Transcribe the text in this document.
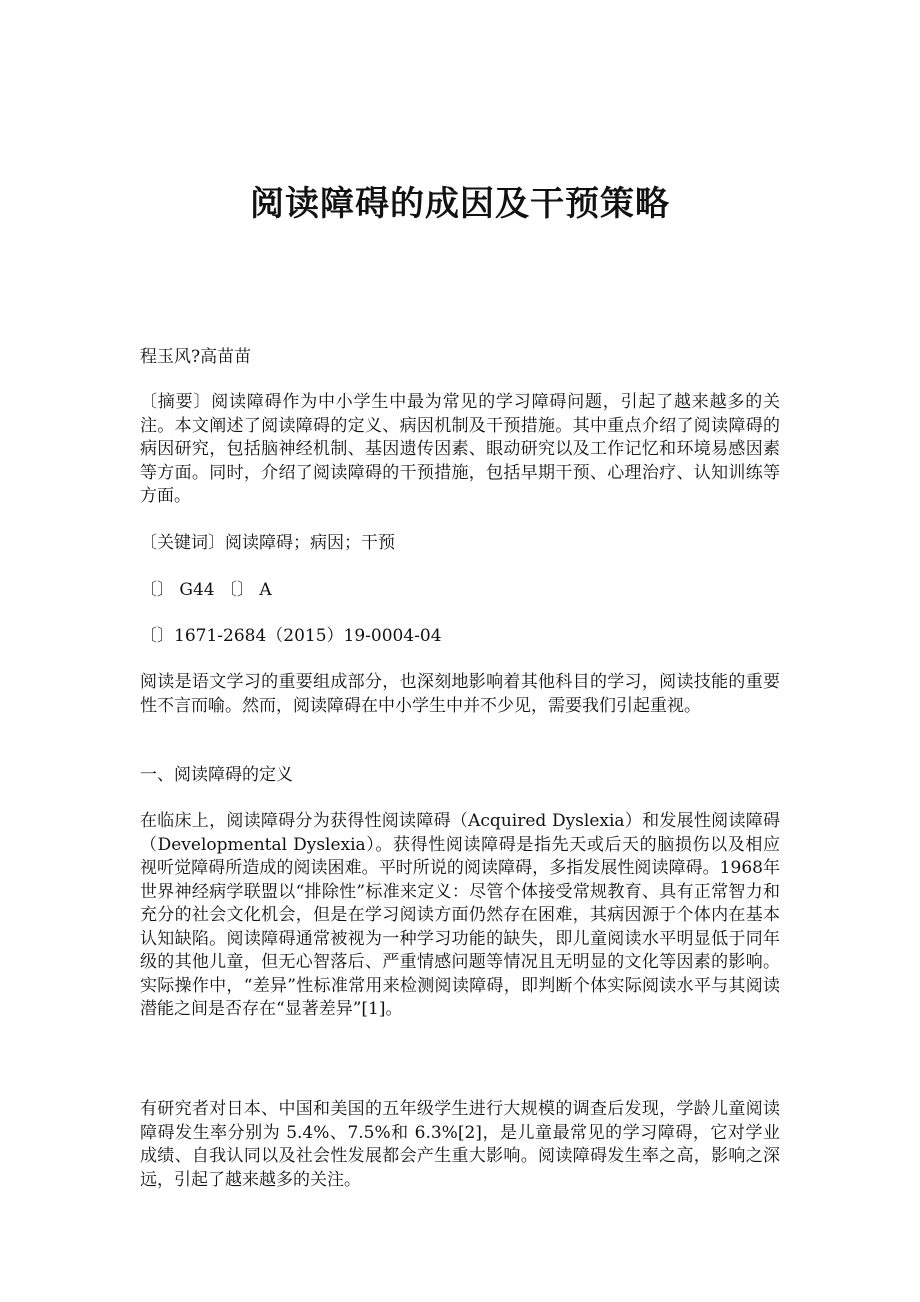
阅读障碍的成因及干预策略

程玉风?高苗苗

〔摘要〕阅读障碍作为中小学生中最为常见的学习障碍问题，引起了越来越多的关注。本文阐述了阅读障碍的定义、病因机制及干预措施。其中重点介绍了阅读障碍的病因研究，包括脑神经机制、基因遗传因素、眼动研究以及工作记忆和环境易感因素等方面。同时，介绍了阅读障碍的干预措施，包括早期干预、心理治疗、认知训练等方面。

〔关键词〕阅读障碍；病因；干预

〔〕 G44 〔〕 A

〔〕1671-2684（2015）19-0004-04

阅读是语文学习的重要组成部分，也深刻地影响着其他科目的学习，阅读技能的重要性不言而喻。然而，阅读障碍在中小学生中并不少见，需要我们引起重视。

一、阅读障碍的定义

在临床上，阅读障碍分为获得性阅读障碍（Acquired Dyslexia）和发展性阅读障碍（Developmental Dyslexia）。获得性阅读障碍是指先天或后天的脑损伤以及相应视听觉障碍所造成的阅读困难。平时所说的阅读障碍，多指发展性阅读障碍。1968年世界神经病学联盟以“排除性”标准来定义：尽管个体接受常规教育、具有正常智力和充分的社会文化机会，但是在学习阅读方面仍然存在困难，其病因源于个体内在基本认知缺陷。阅读障碍通常被视为一种学习功能的缺失，即儿童阅读水平明显低于同年级的其他儿童，但无心智落后、严重情感问题等情况且无明显的文化等因素的影响。实际操作中，“差异”性标准常用来检测阅读障碍，即判断个体实际阅读水平与其阅读潜能之间是否存在“显著差异”[1]。

有研究者对日本、中国和美国的五年级学生进行大规模的调查后发现，学龄儿童阅读障碍发生率分别为 5.4%、7.5%和 6.3%[2]，是儿童最常见的学习障碍，它对学业成绩、自我认同以及社会性发展都会产生重大影响。阅读障碍发生率之高，影响之深远，引起了越来越多的关注。
